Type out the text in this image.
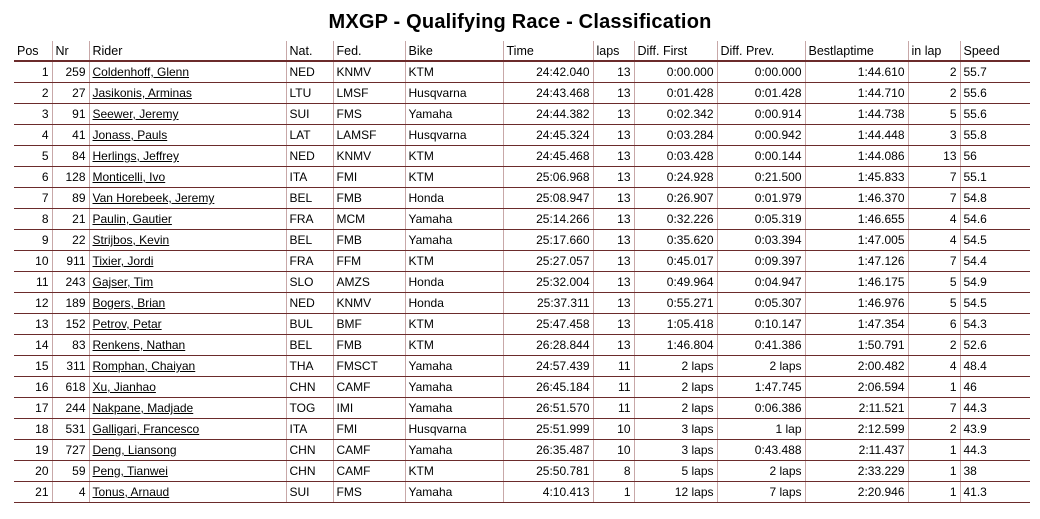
MXGP - Qualifying Race - Classification
Pos	Nr	Rider	Nat.	Fed.	Bike	Time	laps	Diff. First	Diff. Prev.	Bestlaptime	in lap	Speed
1	259	Coldenhoff, Glenn	NED	KNMV	KTM	24:42.040	13	0:00.000	0:00.000	1:44.610	2	55.7
2	27	Jasikonis, Arminas	LTU	LMSF	Husqvarna	24:43.468	13	0:01.428	0:01.428	1:44.710	2	55.6
3	91	Seewer, Jeremy	SUI	FMS	Yamaha	24:44.382	13	0:02.342	0:00.914	1:44.738	5	55.6
4	41	Jonass, Pauls	LAT	LAMSF	Husqvarna	24:45.324	13	0:03.284	0:00.942	1:44.448	3	55.8
5	84	Herlings, Jeffrey	NED	KNMV	KTM	24:45.468	13	0:03.428	0:00.144	1:44.086	13	56
6	128	Monticelli, Ivo	ITA	FMI	KTM	25:06.968	13	0:24.928	0:21.500	1:45.833	7	55.1
7	89	Van Horebeek, Jeremy	BEL	FMB	Honda	25:08.947	13	0:26.907	0:01.979	1:46.370	7	54.8
8	21	Paulin, Gautier	FRA	MCM	Yamaha	25:14.266	13	0:32.226	0:05.319	1:46.655	4	54.6
9	22	Strijbos, Kevin	BEL	FMB	Yamaha	25:17.660	13	0:35.620	0:03.394	1:47.005	4	54.5
10	911	Tixier, Jordi	FRA	FFM	KTM	25:27.057	13	0:45.017	0:09.397	1:47.126	7	54.4
11	243	Gajser, Tim	SLO	AMZS	Honda	25:32.004	13	0:49.964	0:04.947	1:46.175	5	54.9
12	189	Bogers, Brian	NED	KNMV	Honda	25:37.311	13	0:55.271	0:05.307	1:46.976	5	54.5
13	152	Petrov, Petar	BUL	BMF	KTM	25:47.458	13	1:05.418	0:10.147	1:47.354	6	54.3
14	83	Renkens, Nathan	BEL	FMB	KTM	26:28.844	13	1:46.804	0:41.386	1:50.791	2	52.6
15	311	Romphan, Chaiyan	THA	FMSCT	Yamaha	24:57.439	11	2 laps	2 laps	2:00.482	4	48.4
16	618	Xu, Jianhao	CHN	CAMF	Yamaha	26:45.184	11	2 laps	1:47.745	2:06.594	1	46
17	244	Nakpane, Madjade	TOG	IMI	Yamaha	26:51.570	11	2 laps	0:06.386	2:11.521	7	44.3
18	531	Galligari, Francesco	ITA	FMI	Husqvarna	25:51.999	10	3 laps	1 lap	2:12.599	2	43.9
19	727	Deng, Liansong	CHN	CAMF	Yamaha	26:35.487	10	3 laps	0:43.488	2:11.437	1	44.3
20	59	Peng, Tianwei	CHN	CAMF	KTM	25:50.781	8	5 laps	2 laps	2:33.229	1	38
21	4	Tonus, Arnaud	SUI	FMS	Yamaha	4:10.413	1	12 laps	7 laps	2:20.946	1	41.3
